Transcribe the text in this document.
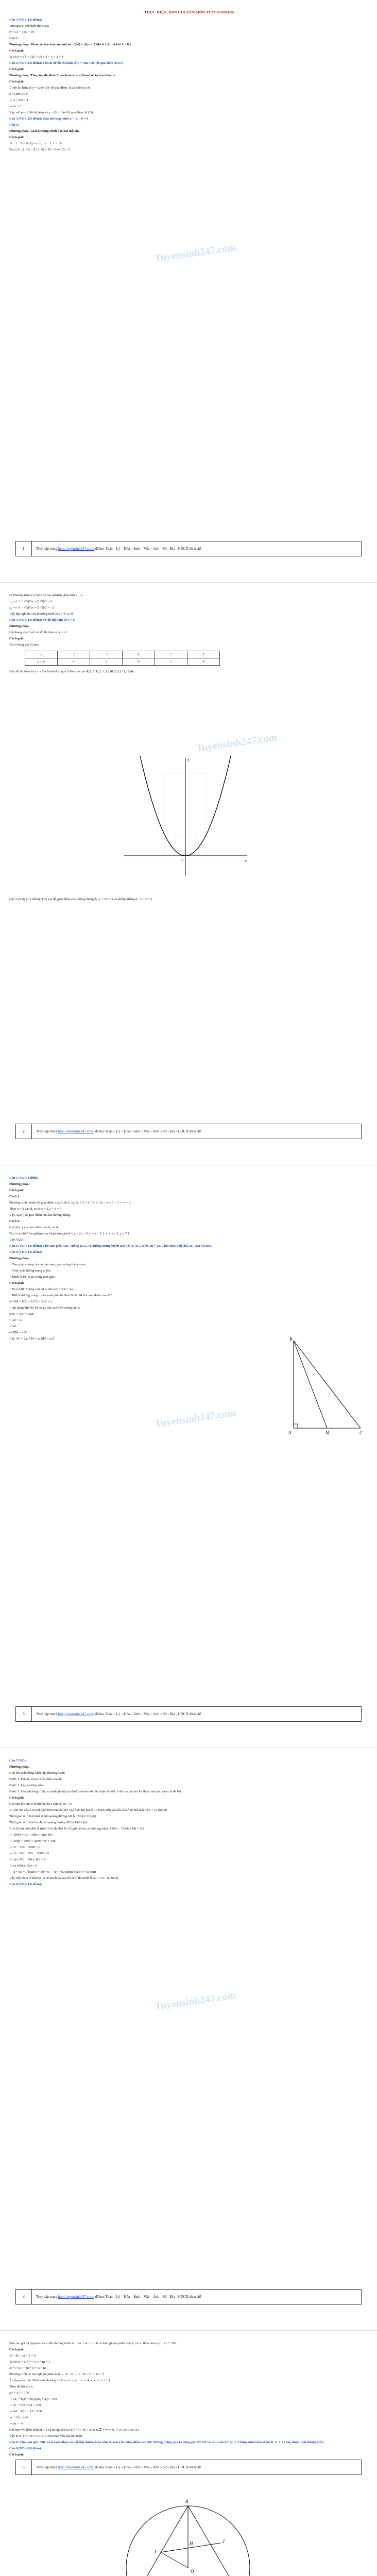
THỰC HIỆN: BAN CHUYÊN MÔN TUYENSINH247
Câu 3 (VD) (1,0 điểm):
Tính giá trị các biểu thức sau:
P = √4 + √25 − √9
Câu 1:
Phương pháp: Khai căn bậc hai của một số: √(A²) = |A| = { A khi A ≥ 0; −A khi A < 0 }
Cách giải:
Ta có P = √4 + √25 − √9 = 2 + 5 − 3 = 4
Câu 2 (VD) (1,0 điểm): Tìm m để đồ thị hàm số y = (2m+1)x² đi qua điểm A(1;5)
Cách giải:
Phương pháp: Thay tọa độ điểm A vào hàm số y = (2m+1)x² ta tìm được m.
Cách giải:
Vì đồ thị hàm số y = (2m+1)x² đi qua điểm A(1;5) nên ta có:
5 = (2m+1).1²
⇔ 5 = 2m + 1
⇔ m = 2
Vậy với m = 2 đồ thị hàm số y = (2m+1)x² đi qua điểm A(1;5)
Câu 3 (VD) (1,0 điểm): Giải phương trình x² − x − 6 = 0
Câu 3:
Phương pháp: Giải phương trình bậc hai một ẩn.
Cách giải:
x² − x − 6 = 0 (1); a = 1, b = −1, c = −6
Ta có Δ = (−1)² − 4.1.(−6) = 25 > 0 ⇒ √Δ = 5
Tuyensinh247.com
1	Truy cập trang http://tuyensinh247.com/ để học Toán – Lý – Hóa – Sinh – Văn – Anh – Sử - Địa - GDCD tốt nhất!
⇒ Phương trình (1) luôn có hai nghiệm phân biệt x₁, x₂
x₁ = (−b + √Δ)/2a = (1+5)/2 = 3
x₂ = (−b − √Δ)/2a = (1−5)/2 = −2
Vậy tập nghiệm của phương trình là S = {−2;3}
Câu 4 (VD) (1,0 điểm): Vẽ đồ thị hàm số y = x²
Phương pháp:
Lập bảng giá trị rồi vẽ đồ thị hàm số y = x²
Cách giải:
Ta có bảng giá trị sau:
x	−2	−1	0	1	2
y = x²	4	1	0	1	4
Vậy đồ thị hàm số y = x² là Parabol đi qua 5 điểm có tọa độ (−2;4), (−1;1), (0;0), (1;1), (2;4)
x
y
O
Câu 5 (VD) (1,0 điểm): Tìm tọa độ giao điểm của đường thẳng d₁: y = 2x + 3 và đường thẳng d₂: y = x + 5
Tuyensinh247.com
2	Truy cập trang http://tuyensinh247.com/ để học Toán – Lý – Hóa – Sinh – Văn – Anh – Sử - Địa - GDCD tốt nhất!
Câu 5 (VD) (1 điểm):
Phương pháp:
Cách giải:
Cách 1:
Phương trình hoành độ giao điểm của d₁ & d₂ là: 2x + 3 = x + 5 ⇔ 2x − x = 5 − 3 ⇔ x = 2
Thay x = 2 vào d₁ ta có y = 2.2 + 3 = 7
Vậy A(2;7) là giao điểm của hai đường thẳng.
Cách 2:
Gọi A(x; y) là giao điểm của d₁ và d₂
Ta có tọa độ A là nghiệm của hệ phương trình { y = 2x + 3; y = x + 5 } ⇔ { x = 2; y = 7 }
Vậy A(2;7)
Câu 6 (VD) (1,0 điểm): Cho tam giác ABC vuông tại A, có đường trung tuyến BM (M ∈ AC). Biết AB = 2a. Tính theo a độ dài AC, AM và BM.
Câu 6 (TH) (1,0 điểm):
Phương pháp:
+ Tam giác vuông cần có hai cạnh, góc vuông bằng nhau.
+ Tính chất đường trung tuyến.
+ Định lý Py-ta-go trong tam giác.
Cách giải:
+ Vì ΔABC vuông cân tại A nên AC = AB = 2a
+ BM là đường trung tuyến xuất phát từ đỉnh B đến M là trung điểm của AC
⇒ AM = MC = AC/2 = 2a/2 = a
+ Áp dụng định lý Py-ta-go cho ΔABM vuông tại A:
BM² = AB² + AM²
= 4a² + a²
= 5a²
⇒ BM = a√5
Vậy AC = 2a; AM = a; BM = a√5	B
A	M	C
Tuyensinh247.com
3	Truy cập trang http://tuyensinh247.com/ để học Toán – Lý – Hóa – Sinh – Văn – Anh – Sử - Địa - GDCD tốt nhất!
Câu 7 (VD):
Phương pháp:
Giải bài toán bằng cách lập phương trình:
Bước 1: Đặt ẩn và tìm điều kiện của ẩn
Bước 2: Lập phương trình
Bước 3: Giải phương trình, so sánh giá trị tìm được của ẩn với điều kiện ở bước 1 để tìm câu trả lời thỏa mãn yêu cầu của đề bài.
Cách giải:
Gọi vận tốc của ô tô thứ hai là x (km/h) (x > 0)
Vì vận tốc của ô tô thứ nhất lớn hơn vận tốc của ô tô thứ hai là 10 km/h nên vận tốc của ô tô thứ nhất là x + 10 (km/h)
Thời gian ô tô thứ nhất đi hết quãng đường AB là 150/(x+10) (h)
Thời gian ô tô thứ hai đi hết quãng đường AB là 150/x (h)
Vì ô tô thứ nhất đến B trước ô tô thứ hai là 1/2 giờ nên ta có phương trình: 150/x − 150/(x+10) = 1/2
⇔ 300(x+10) − 300x = x(x+10)
⇔ 300x + 3000 − 300x = x² + 10x
⇔ x² + 10x − 3000 = 0
⇔ x² + 60x − 50x − 3000 = 0
⇔ x(x+60) − 50(x+60) = 0
⇔ (x+60)(x−50) = 0
⇔ x + 60 = 0 hoặc x − 50 = 0 ⇔ x = −60 (ktm) hoặc x = 50 (tm)
Vậy vận tốc ô tô thứ hai là 50 km/h và vận tốc ô tô thứ nhất là 50 + 10 = 60 km/h
Câu 8 (VD) (1,0 điểm):
Tuyensinh247.com
4	Truy cập trang http://tuyensinh247.com/ để học Toán – Lý – Hóa – Sinh – Văn – Anh – Sử - Địa - GDCD tốt nhất!
Tìm các giá trị nguyên của m để phương trình x² − 4x + m + 1 = 0 có hai nghiệm phân biệt x₁ và x₂ thỏa mãn x₁³ + x₂³ < 100.
Cách giải:
x² − 4x + m + 1 = 0
Ta có: a = 1, b = −4, c = m + 1
Δ' = (−2)² − (m+1) = 3 − m
Phương trình có hai nghiệm phân biệt ⇔ Δ' > 0 ⇔ 3 − m > 0 ⇔ m < 3
Áp dụng hệ thức Vi-ét cho phương trình ta có: { x₁ + x₂ = 4; x₁x₂ = m + 1 }
Theo đề bài ta có:
x₁³ + x₂³ < 100
⇔ (x₁ + x₂)³ − 3x₁x₂(x₁ + x₂) < 100
⇔ 4³ − 3(m+1).4 < 100
⇔ 64 − 12m − 12 < 100
⇔ −12m < 48
⇔ m > −4
Kết hợp với điều kiện m < 3 và m nguyên ta có { −4 < m < 3; m ∈ ℤ } ⇒ m ∈ {−3;−2;−1;0;1;2}
Vậy m ∈ {−3;−2;−1;0;1;2} thỏa mãn yêu cầu bài toán.
Câu 9: Cho tam giác ABC có ba góc nhọn và nội tiếp đường tròn tâm O. Gọi I là trung điểm của AB; đường thẳng qua I vuông góc với AO và cắt cạnh AC tại J. Chứng minh bốn điểm B, C, J, I cùng thuộc một đường tròn.
Câu 9 (VD) (1,0 điểm):
Cách giải:
5	Truy cập trang http://tuyensinh247.com/ để học Toán – Lý – Hóa – Sinh – Văn – Anh – Sử - Địa - GDCD tốt nhất!
A
I
H	J
O
